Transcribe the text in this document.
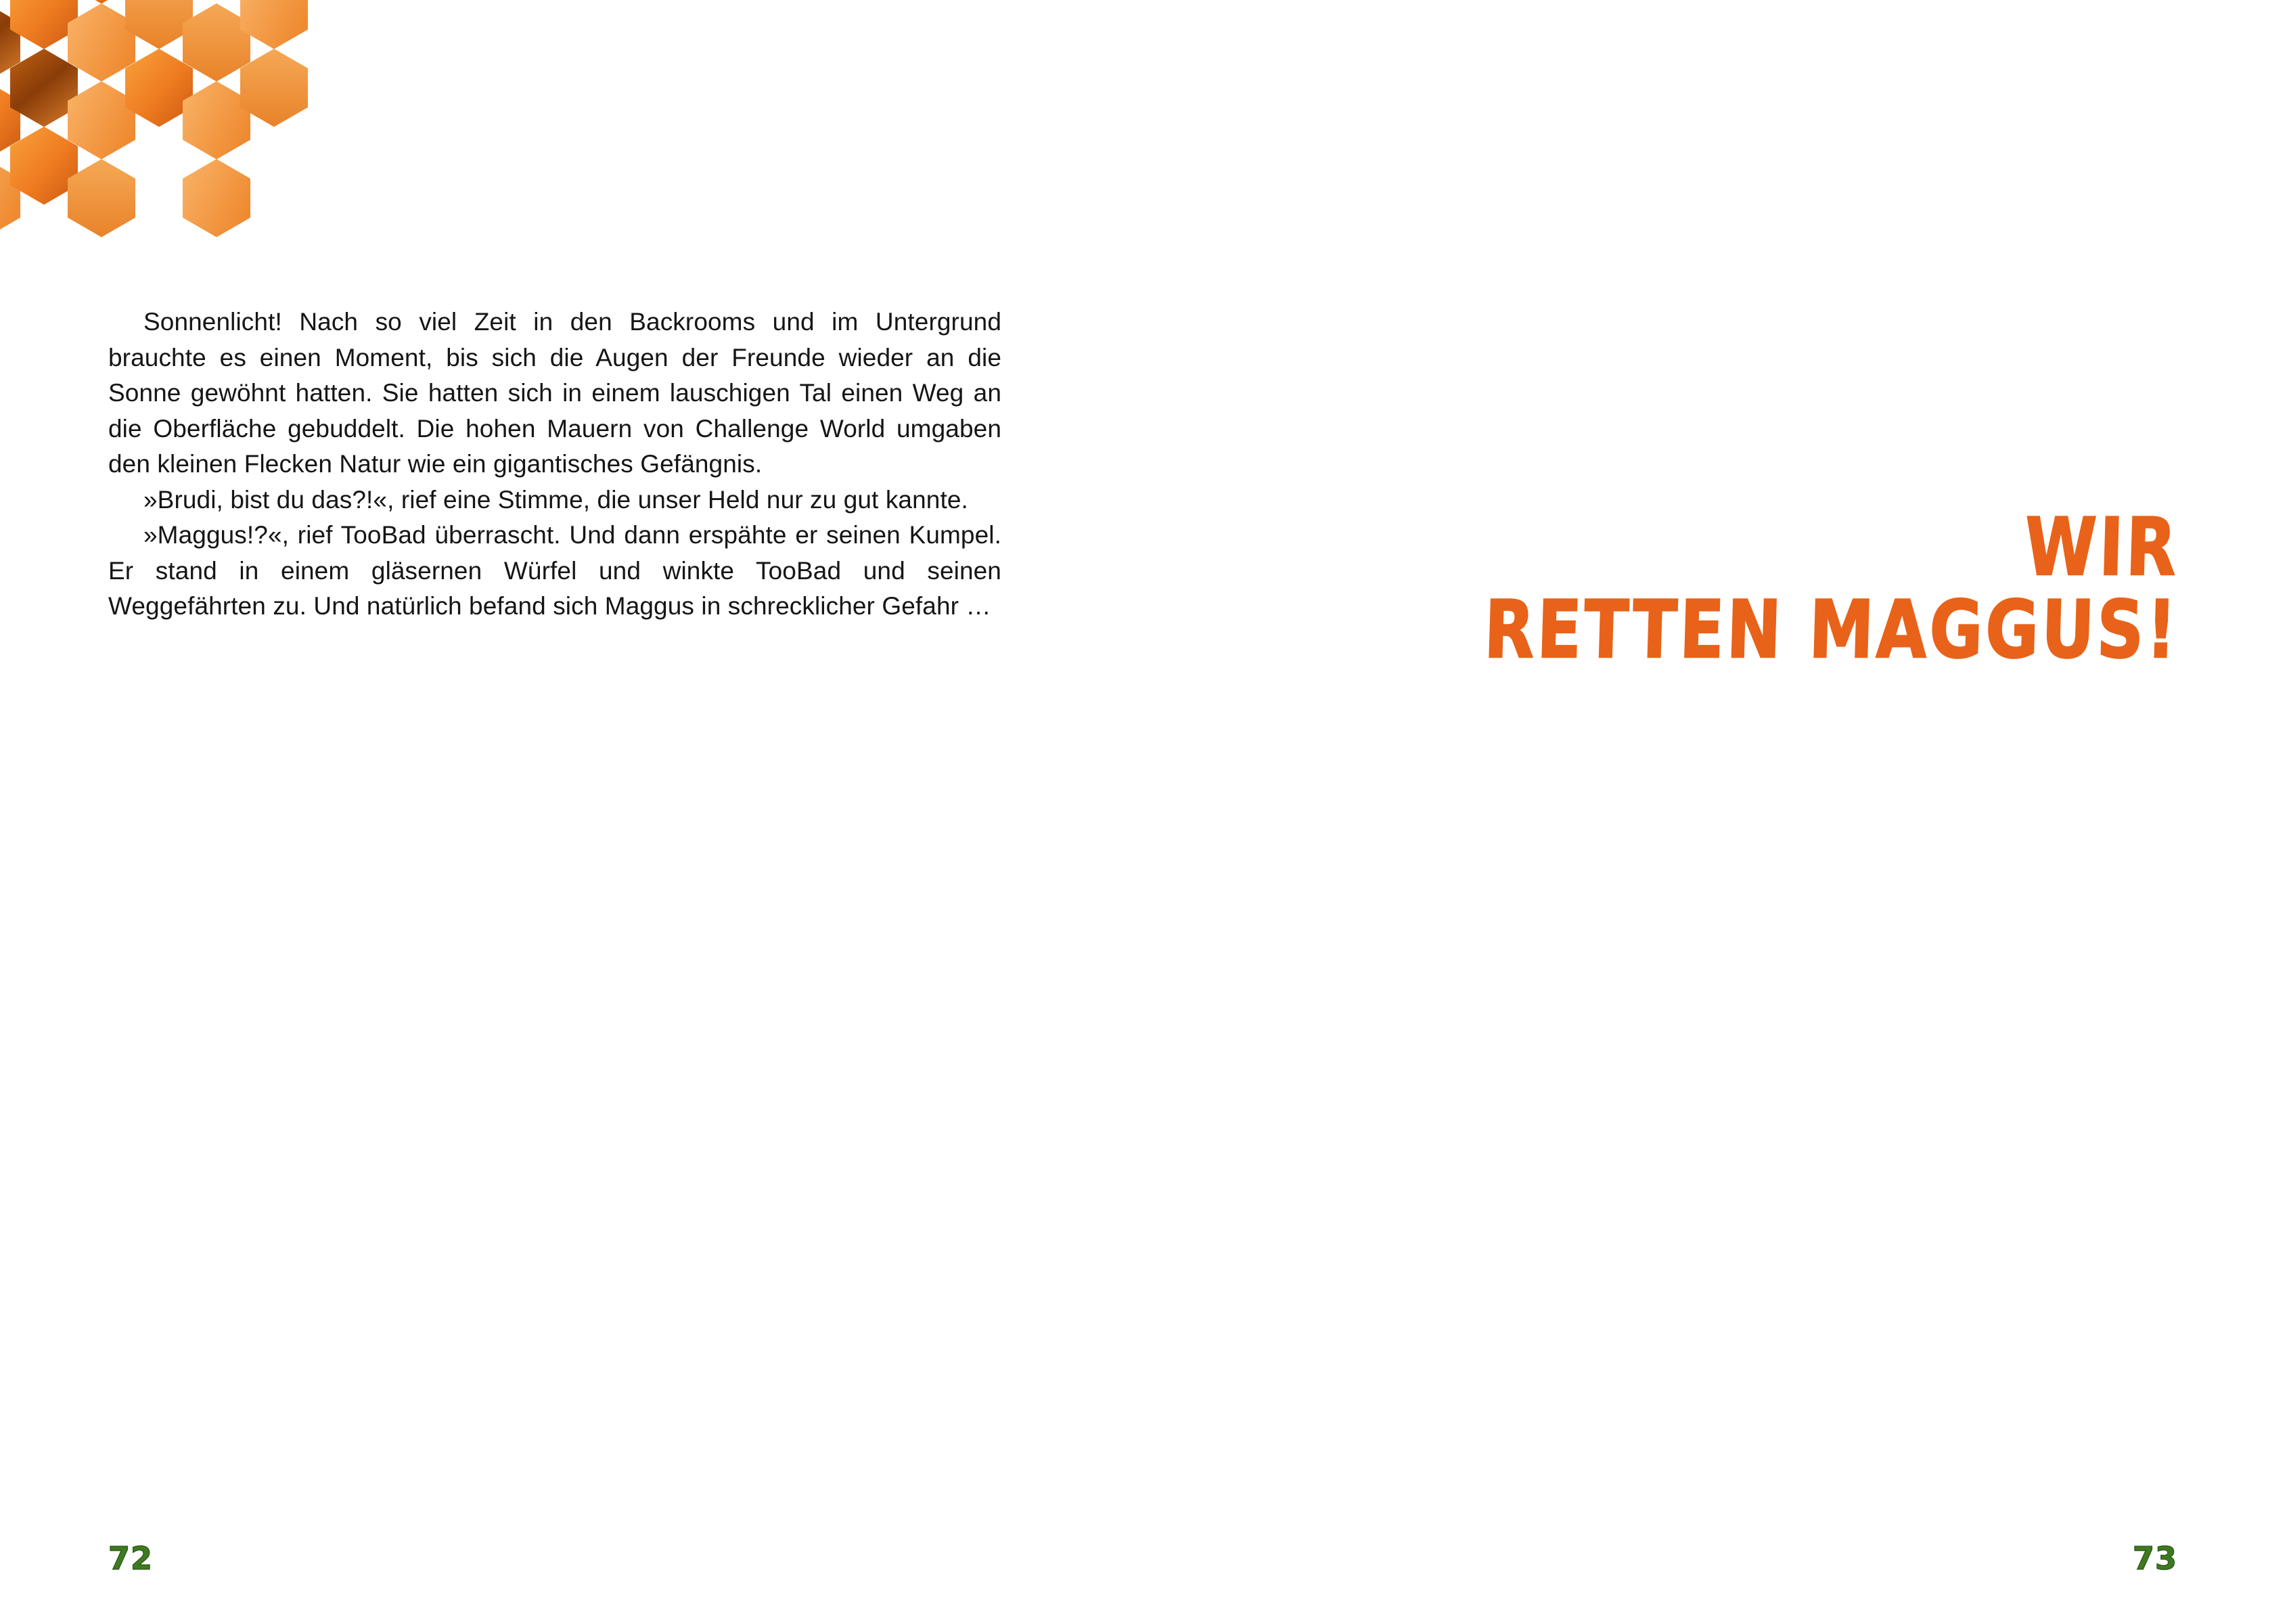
Sonnenlicht! Nach so viel Zeit in den Backrooms und im Untergrund brauchte es einen Moment, bis sich die Augen der Freunde wieder an die Sonne gewöhnt hatten. Sie hatten sich in einem lauschigen Tal einen Weg an die Oberfläche gebuddelt. Die hohen Mauern von Challenge World umgaben den kleinen Flecken Natur wie ein gigantisches Gefängnis.

»Brudi, bist du das?!«, rief eine Stimme, die unser Held nur zu gut kannte.

»Maggus!?«, rief TooBad überrascht. Und dann erspähte er seinen Kumpel. Er stand in einem gläsernen Würfel und winkte TooBad und seinen Weggefährten zu. Und natürlich befand sich Maggus in schrecklicher Gefahr …

72
WIR
RETTEN MAGGUS!
73
